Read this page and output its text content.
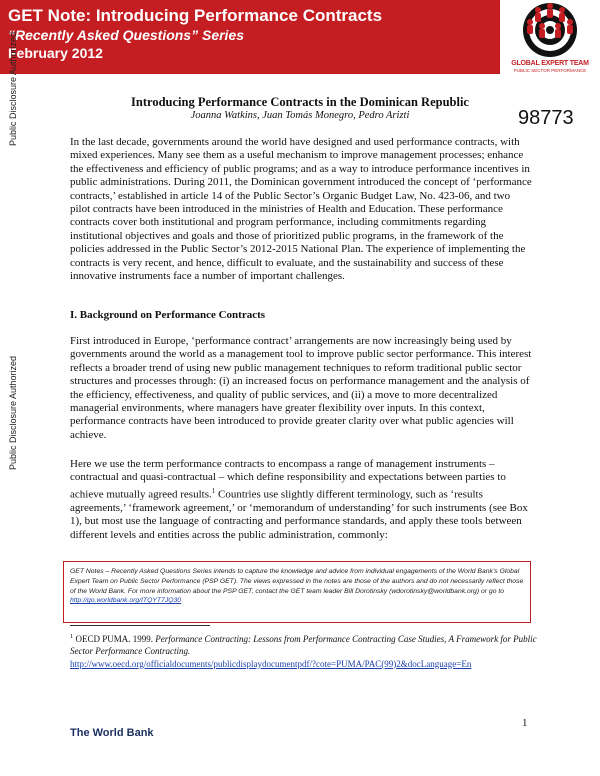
GET Note: Introducing Performance Contracts
“Recently Asked Questions” Series
February 2012
GLOBAL EXPERT TEAM
PUBLIC SECTOR PERFORMANCE
Public Disclosure Authorized
Public Disclosure Authorized
98773
Introducing Performance Contracts in the Dominican Republic
Joanna Watkins, Juan Tomás Monegro, Pedro Arizti
In the last decade, governments around the world have designed and used performance contracts, with mixed experiences. Many see them as a useful mechanism to improve management processes; enhance the effectiveness and efficiency of public programs; and as a way to introduce performance incentives in public administrations. During 2011, the Dominican government introduced the concept of ‘performance contracts,’ established in article 14 of the Public Sector’s Organic Budget Law, No. 423-06, and two pilot contracts have been introduced in the ministries of Health and Education. These performance contracts cover both institutional and program performance, including commitments regarding institutional objectives and goals and those of prioritized public programs, in the framework of the policies addressed in the Public Sector’s 2012-2015 National Plan. The experience of implementing the contracts is very recent, and hence, difficult to evaluate, and the sustainability and success of these innovative instruments face a number of important challenges.
I. Background on Performance Contracts
First introduced in Europe, ‘performance contract’ arrangements are now increasingly being used by governments around the world as a management tool to improve public sector performance. This interest reflects a broader trend of using new public management techniques to reform traditional public sector structures and processes through: (i) an increased focus on performance management and the analysis of the efficiency, effectiveness, and quality of public services, and (ii) a move to more decentralized managerial environments, where managers have greater flexibility over inputs. In this context, performance contracts have been introduced to provide greater clarity over what public agencies will achieve.
Here we use the term performance contracts to encompass a range of management instruments – contractual and quasi-contractual – which define responsibility and expectations between parties to achieve mutually agreed results.$^1$ Countries use slightly different terminology, such as ‘results agreements,’ ‘framework agreement,’ or ‘memorandum of understanding’ for such instruments (see Box 1), but most use the language of contracting and performance standards, and apply these tools between different levels and entities across the public administration, commonly:
GET Notes – Recently Asked Questions Series intends to capture the knowledge and advice from individual engagements of the World Bank’s Global Expert Team on Public Sector Performance (PSP GET). The views expressed in the notes are those of the authors and do not necessarily reflect those of the World Bank. For more information about the PSP GET, contact the GET team leader Bill Dorotinsky (wdorotinsky@worldbank.org) or go to http://go.worldbank.org/ITQYT7JQ30
$^1$ OECD PUMA. 1999. Performance Contracting: Lessons from Performance Contracting Case Studies, A Framework for Public Sector Performance Contracting.
http://www.oecd.org/officialdocuments/publicdisplaydocumentpdf/?cote=PUMA/PAC(99)2&docLanguage=En
1
The World Bank
